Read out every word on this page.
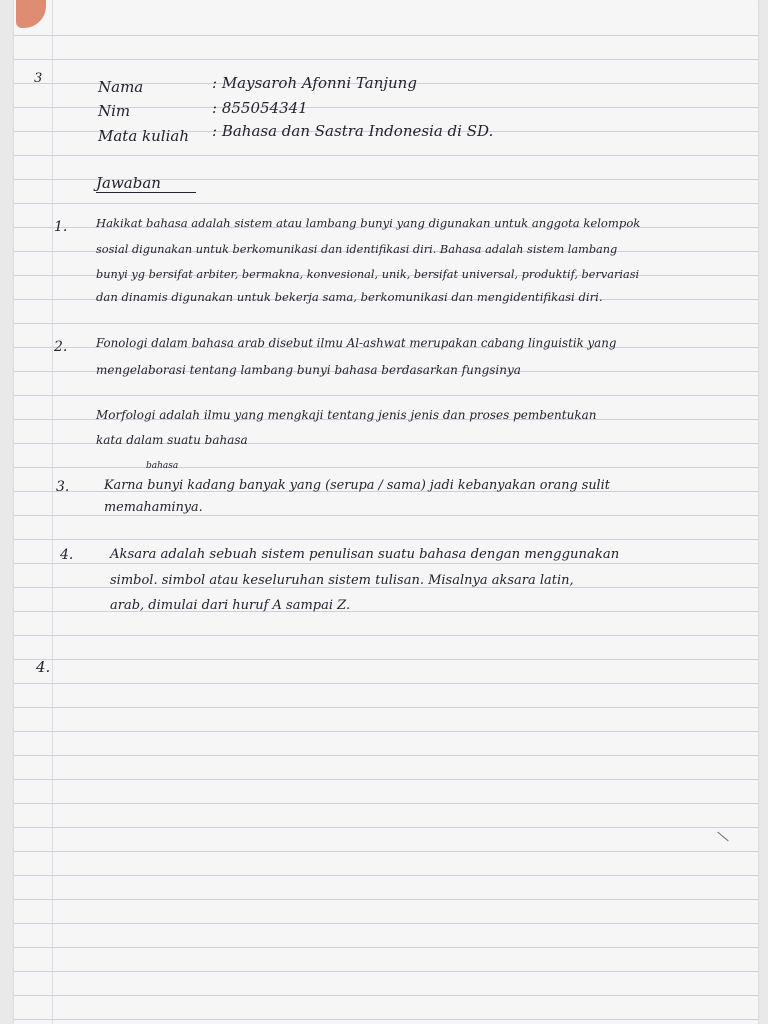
3	Nama	: Maysaroh Afonni Tanjung
Nim	: 855054341
Mata kuliah : Bahasa dan Sastra Indonesia di SD.
Jawaban
1. Hakikat bahasa adalah sistem atau lambang bunyi yang digunakan untuk anggota kelompok
sosial digunakan untuk berkomunikasi dan identifikasi diri. Bahasa adalah sistem lambang
bunyi yg bersifat arbiter, bermakna, konvesional, unik, bersifat universal, produktif, bervariasi
dan dinamis digunakan untuk bekerja sama, berkomunikasi dan mengidentifikasi diri.
2. Fonologi dalam bahasa arab disebut ilmu Al-ashwat merupakan cabang linguistik yang
mengelaborasi tentang lambang bunyi bahasa berdasarkan fungsinya
Morfologi adalah ilmu yang mengkaji tentang jenis jenis dan proses pembentukan
kata dalam suatu bahasa
3.
bahasa
Karna bunyi kadang banyak yang (serupa / sama) jadi kebanyakan orang sulit
memahaminya.
4.	Aksara adalah sebuah sistem penulisan suatu bahasa dengan menggunakan
simbol. simbol atau keseluruhan sistem tulisan. Misalnya aksara latin,
arab, dimulai dari huruf A sampai Z.
4.
